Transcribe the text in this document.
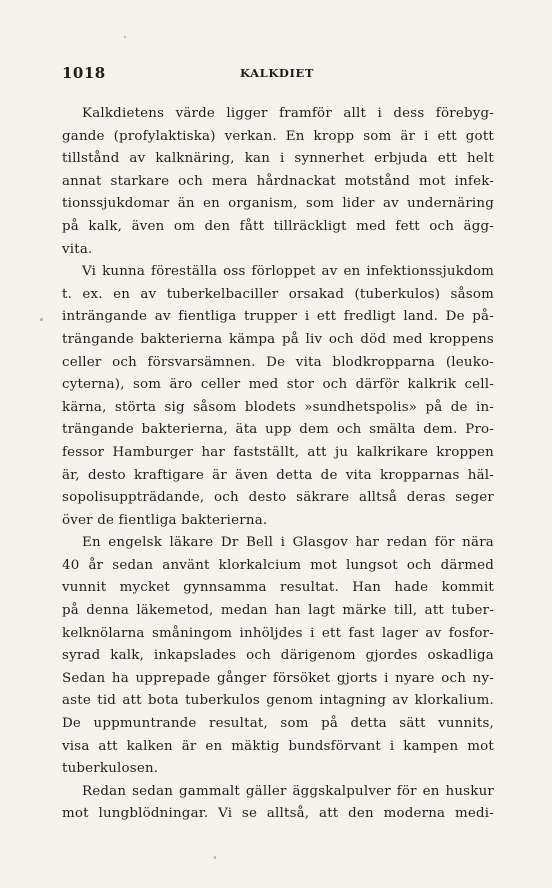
1018	KALKDIET
Kalkdietens värde ligger framför allt i dess förebyg-
gande (profylaktiska) verkan. En kropp som är i ett gott
tillstånd av kalknäring, kan i synnerhet erbjuda ett helt
annat starkare och mera hårdnackat motstånd mot infek-
tionssjukdomar än en organism, som lider av undernäring
på kalk, även om den fått tillräckligt med fett och ägg-
vita.
Vi kunna föreställa oss förloppet av en infektionssjukdom
t. ex. en av tuberkelbaciller orsakad (tuberkulos) såsom
inträngande av fientliga trupper i ett fredligt land. De på-
trängande bakterierna kämpa på liv och död med kroppens
celler och försvarsämnen. De vita blodkropparna (leuko-
cyterna), som äro celler med stor och därför kalkrik cell-
kärna, störta sig såsom blodets »sundhetspolis» på de in-
trängande bakterierna, äta upp dem och smälta dem. Pro-
fessor Hamburger har fastställt, att ju kalkrikare kroppen
är, desto kraftigare är även detta de vita kropparnas häl-
sopolisuppträdande, och desto säkrare alltså deras seger
över de fientliga bakterierna.
En engelsk läkare Dr Bell i Glasgov har redan för nära
40 år sedan använt klorkalcium mot lungsot och därmed
vunnit mycket gynnsamma resultat. Han hade kommit
på denna läkemetod, medan han lagt märke till, att tuber-
kelknölarna småningom inhöljdes i ett fast lager av fosfor-
syrad kalk, inkapslades och därigenom gjordes oskadliga
Sedan ha upprepade gånger försöket gjorts i nyare och ny-
aste tid att bota tuberkulos genom intagning av klorkalium.
De uppmuntrande resultat, som på detta sätt vunnits,
visa att kalken är en mäktig bundsförvant i kampen mot
tuberkulosen.
Redan sedan gammalt gäller äggskalpulver för en huskur
mot lungblödningar. Vi se alltså, att den moderna medi-
